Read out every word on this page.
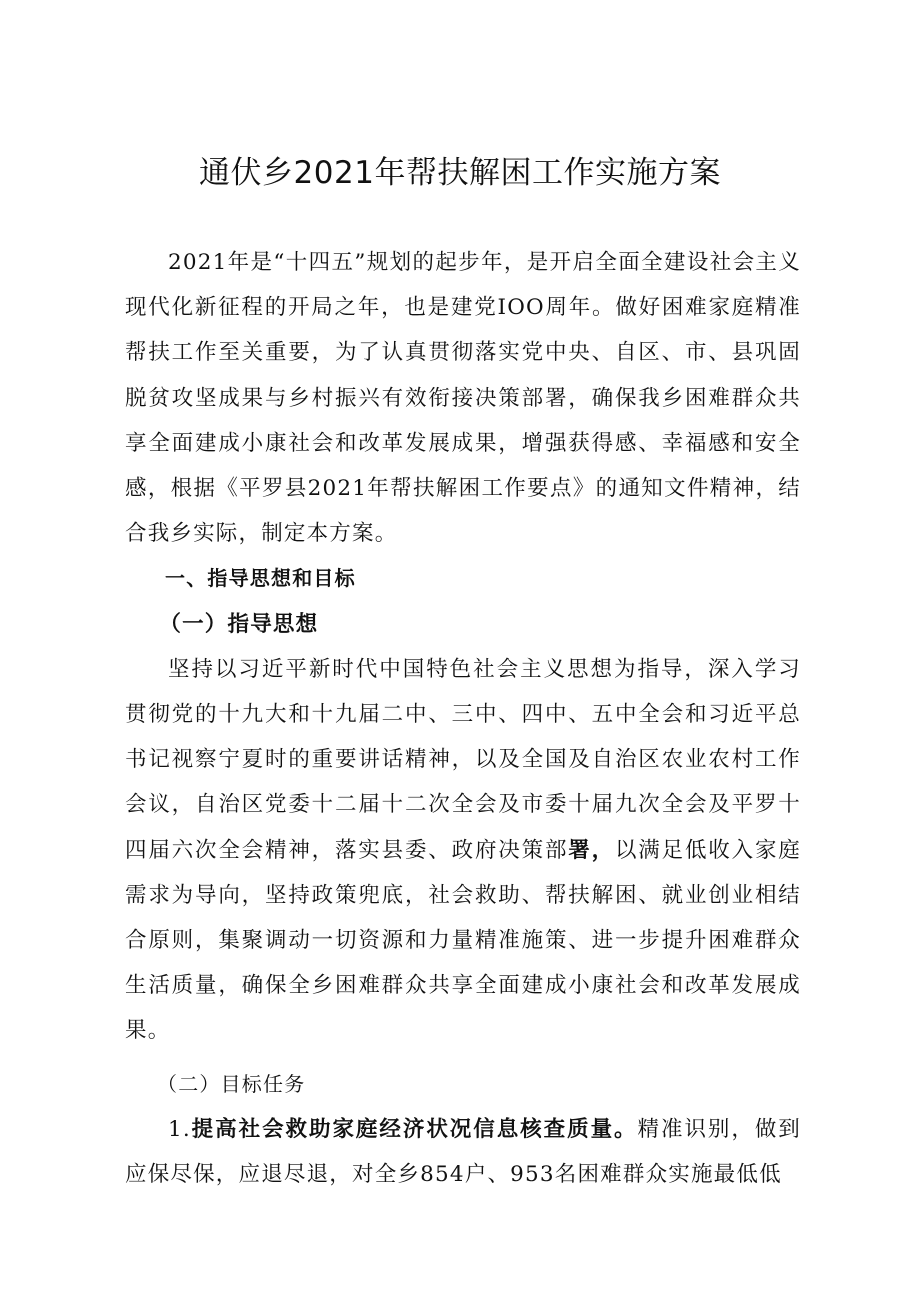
通伏乡2021年帮扶解困工作实施方案

2021年是“十四五”规划的起步年，是开启全面全建设社会主义现代化新征程的开局之年，也是建党IOO周年。做好困难家庭精准帮扶工作至关重要，为了认真贯彻落实党中央、自区、市、县巩固脱贫攻坚成果与乡村振兴有效衔接决策部署，确保我乡困难群众共享全面建成小康社会和改革发展成果，增强获得感、幸福感和安全感，根据《平罗县2021年帮扶解困工作要点》的通知文件精神，结合我乡实际，制定本方案。

一、指导思想和目标

（一）指导思想

坚持以习近平新时代中国特色社会主义思想为指导，深入学习贯彻党的十九大和十九届二中、三中、四中、五中全会和习近平总书记视察宁夏时的重要讲话精神，以及全国及自治区农业农村工作会议，自治区党委十二届十二次全会及市委十届九次全会及平罗十四届六次全会精神，落实县委、政府决策部署，以满足低收入家庭需求为导向，坚持政策兜底，社会救助、帮扶解困、就业创业相结合原则，集聚调动一切资源和力量精准施策、进一步提升困难群众生活质量，确保全乡困难群众共享全面建成小康社会和改革发展成果。

（二）目标任务

1.提高社会救助家庭经济状况信息核查质量。精准识别，做到应保尽保，应退尽退，对全乡854户、953名困难群众实施最低低
